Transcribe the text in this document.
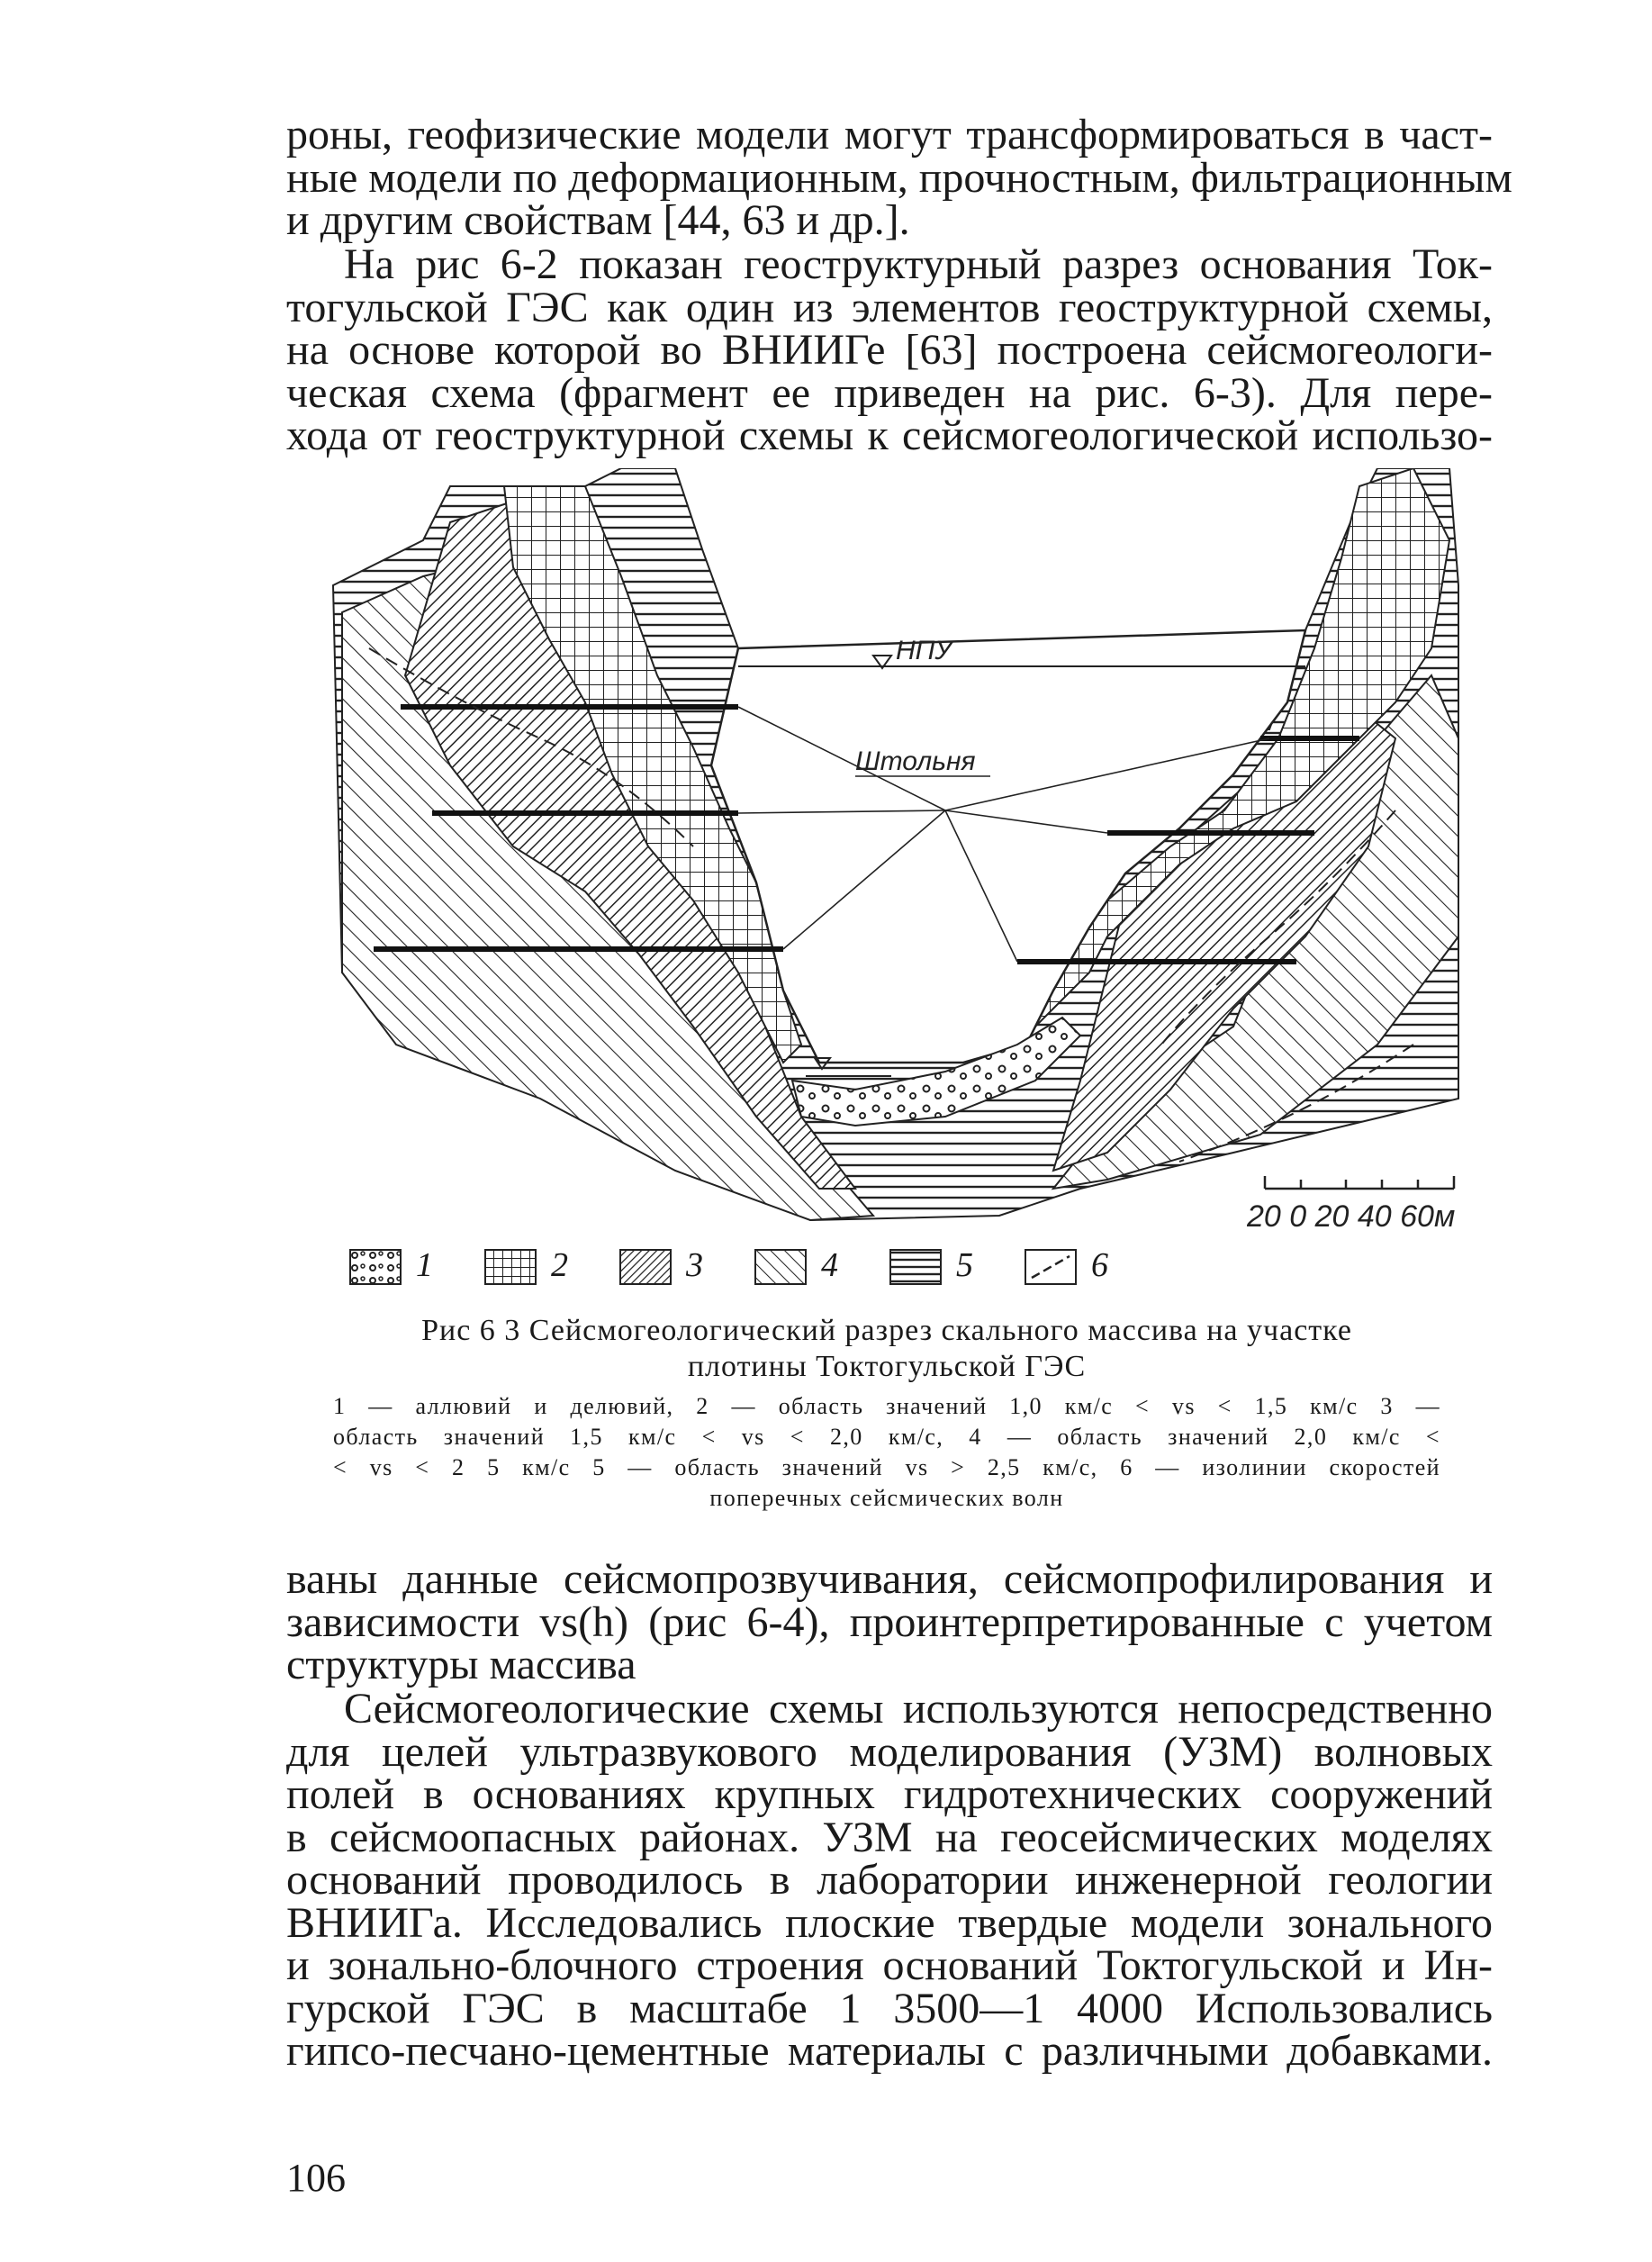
роны, геофизические модели могут трансформироваться в част-
ные модели по деформационным, прочностным, фильтрационным
и другим свойствам [44, 63 и др.].

На рис 6-2 показан геоструктурный разрез основания Ток-
тогульской ГЭС как один из элементов геоструктурной схемы,
на основе которой во ВНИИГе [63] построена сейсмогеологи-
ческая схема (фрагмент ее приведен на рис. 6-3). Для пере-
хода от геоструктурной схемы к сейсмогеологической использо-

НПУ
Штольня
20 0 20 40 60м
1	2	3	4	5	6
Рис 6 3 Сейсмогеологический разрез скального массива на участке
плотины Токтогульской ГЭС
1 — аллювий и делювий, 2 — область значений 1,0 км/с < vs < 1,5 км/с 3 —
область значений 1,5 км/с < vs < 2,0 км/с, 4 — область значений 2,0 км/с <
< vs < 2 5 км/с 5 — область значений vs > 2,5 км/с, 6 — изолинии скоростей
поперечных сейсмических волн

ваны данные сейсмопрозвучивания, сейсмопрофилирования и
зависимости vs(h) (рис 6-4), проинтерпретированные с учетом
структуры массива

Сейсмогеологические схемы используются непосредственно
для целей ультразвукового моделирования (УЗМ) волновых
полей в основаниях крупных гидротехнических сооружений
в сейсмоопасных районах. УЗМ на геосейсмических моделях
оснований проводилось в лаборатории инженерной геологии
ВНИИГа. Исследовались плоские твердые модели зонального
и зонально-блочного строения оснований Токтогульской и Ин-
гурской ГЭС в масштабе 1 3500—1 4000 Использовались
гипсо-песчано-цементные материалы с различными добавками.

106
